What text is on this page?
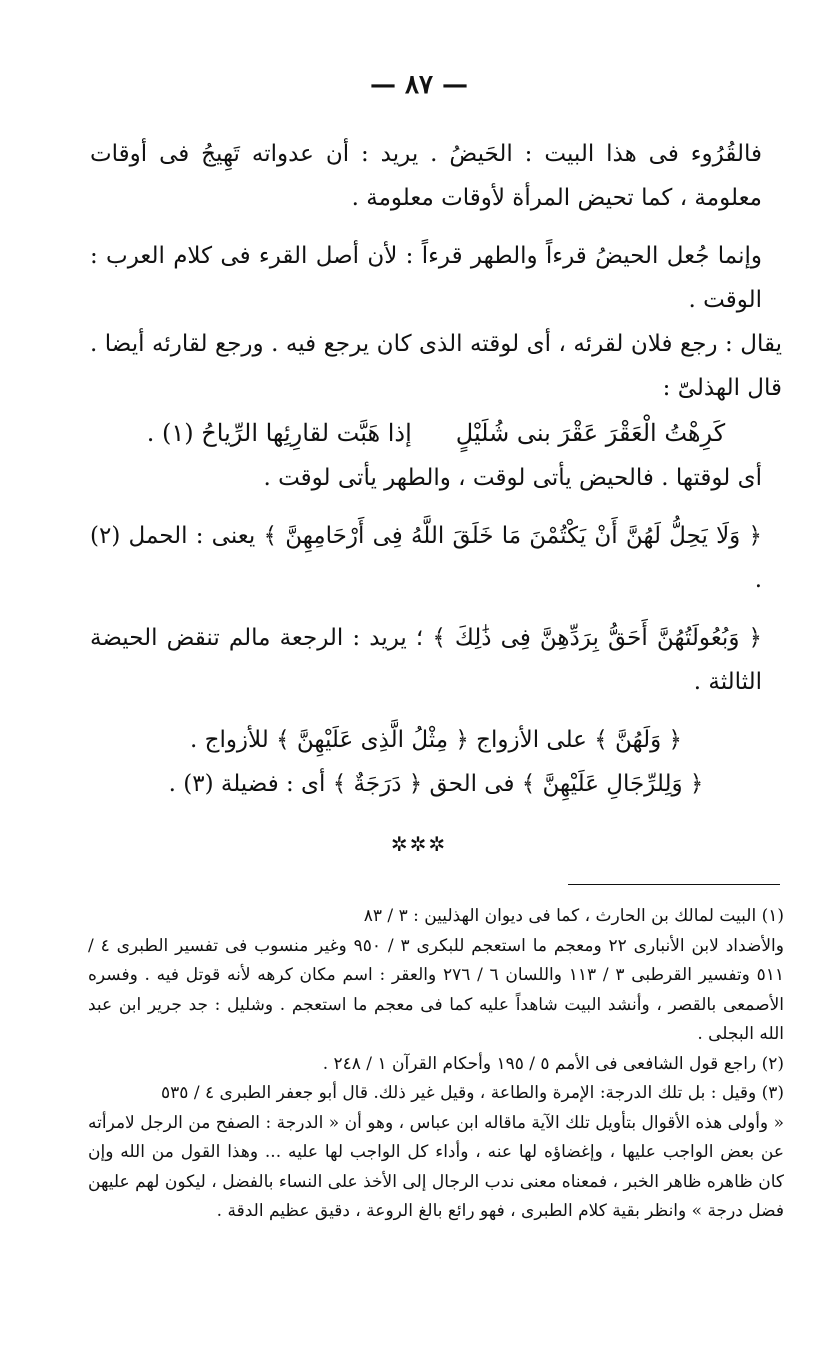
— ٨٧ —

فالقُرُوء فى هذا البيت : الحَيضُ . يريد : أن عدواته تَهِيجُ فى أوقات معلومة ، كما تحيض المرأة لأوقات معلومة .

وإنما جُعل الحيضُ قرءاً والطهر قرءاً : لأن أصل القرء فى كلام العرب : الوقت .

يقال : رجع فلان لقرئه ، أى لوقته الذى كان يرجع فيه . ورجع لقارئه أيضا . قال الهذلىّ :

كَرِهْتُ الْعَقْرَ عَقْرَ بنى شُلَيْلٍإذا هَبَّت لقارِئِها الرِّياحُ (١) .

أى لوقتها . فالحيض يأتى لوقت ، والطهر يأتى لوقت .

﴿ وَلَا يَحِلُّ لَهُنَّ أَنْ يَكْتُمْنَ مَا خَلَقَ اللَّهُ فِى أَرْحَامِهِنَّ ﴾ يعنى : الحمل (٢) .

﴿ وَبُعُولَتُهُنَّ أَحَقُّ بِرَدِّهِنَّ فِى ذَٰلِكَ ﴾ ؛ يريد : الرجعة مالم تنقض الحيضة الثالثة .

﴿ وَلَهُنَّ ﴾ على الأزواج ﴿ مِثْلُ الَّذِى عَلَيْهِنَّ ﴾ للأزواج .

﴿ وَلِلرِّجَالِ عَلَيْهِنَّ ﴾ فى الحق ﴿ دَرَجَةٌ ﴾ أى : فضيلة (٣) .

✲✲✲

(١) البيت لمالك بن الحارث ، كما فى ديوان الهذليين : ٣ / ٨٣

والأضداد لابن الأنبارى ٢٢ ومعجم ما استعجم للبكرى ٣ / ٩٥٠ وغير منسوب فى تفسير الطبرى ٤ / ٥١١ وتفسير القرطبى ٣ / ١١٣ واللسان ٦ / ٢٧٦ والعقر : اسم مكان كرهه لأنه قوتل فيه . وفسره الأصمعى بالقصر ، وأنشد البيت شاهداً عليه كما فى معجم ما استعجم . وشليل : جد جرير ابن عبد الله البجلى .

(٢) راجع قول الشافعى فى الأمم ٥ / ١٩٥ وأحكام القرآن ١ / ٢٤٨ .

(٣) وقيل : بل تلك الدرجة: الإمرة والطاعة ، وقيل غير ذلك. قال أبو جعفر الطبرى ٤ / ٥٣٥

« وأولى هذه الأقوال بتأويل تلك الآية ماقاله ابن عباس ، وهو أن « الدرجة : الصفح من الرجل لامرأته عن بعض الواجب عليها ، وإغضاؤه لها عنه ، وأداء كل الواجب لها عليه ... وهذا القول من الله وإن كان ظاهره ظاهر الخبر ، فمعناه معنى ندب الرجال إلى الأخذ على النساء بالفضل ، ليكون لهم عليهن فضل درجة » وانظر بقية كلام الطبرى ، فهو رائع بالغ الروعة ، دقيق عظيم الدقة .
